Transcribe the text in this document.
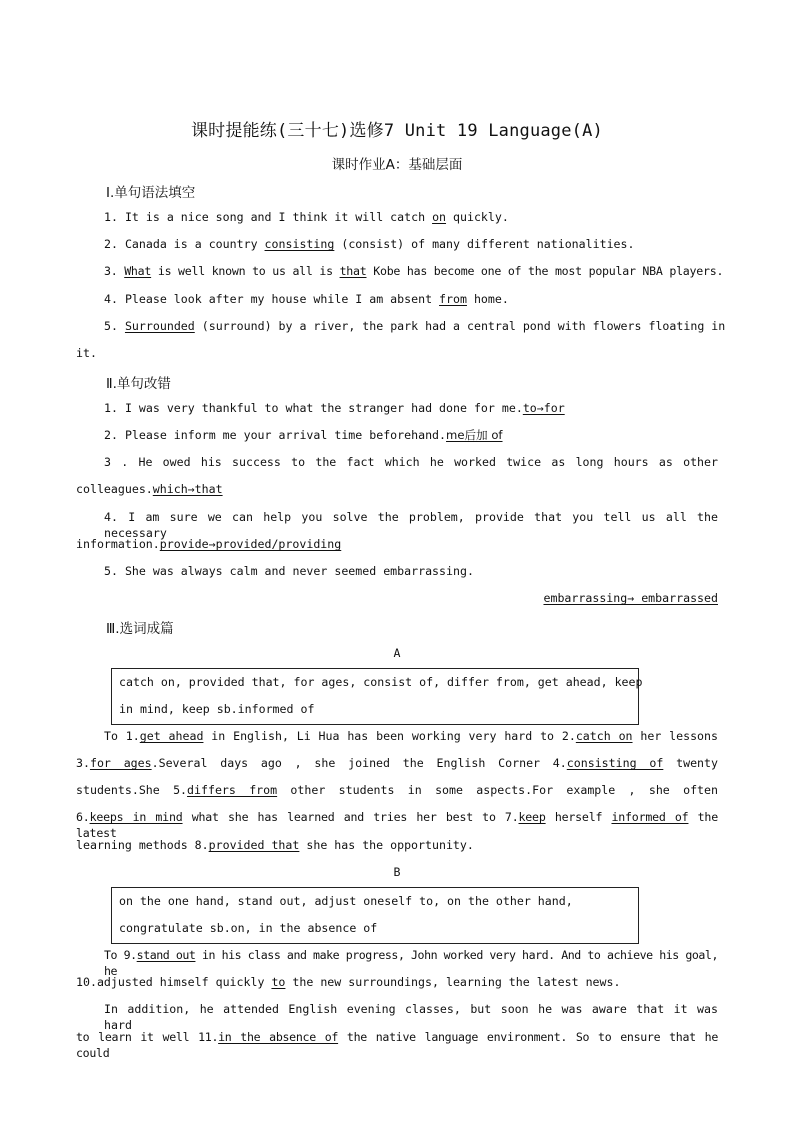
课时提能练(三十七)选修7 Unit 19 Language(A)
课时作业A：基础层面
Ⅰ.单句语法填空
1. It is a nice song and I think it will catch on quickly.
2. Canada is a country consisting (consist) of many different nationalities.
3. What is well known to us all is that Kobe has become one of the most popular NBA players.
4. Please look after my house while I am absent from home.
5. Surrounded (surround) by a river, the park had a central pond with flowers floating in
it.
Ⅱ.单句改错
1. I was very thankful to what the stranger had done for me.to→for
2. Please inform me your arrival time beforehand.me后加 of
3 . He owed his success to the fact which he worked twice as long hours as other
colleagues.which→that
4. I am sure we can help you solve the problem, provide that you tell us all the necessary
information.provide→provided/providing
5. She was always calm and never seemed embarrassing.
embarrassing→ embarrassed
Ⅲ.选词成篇
A
catch on, provided that, for ages, consist of, differ from, get ahead, keep
in mind, keep sb.informed of
To 1.get ahead in English, Li Hua has been working very hard to 2.catch on her lessons
3.for ages.Several days ago , she joined the English Corner 4.consisting of twenty
students.She 5.differs from other students in some aspects.For example , she often
6.keeps in mind what she has learned and tries her best to 7.keep herself informed of the latest
learning methods 8.provided that she has the opportunity.
B
on the one hand, stand out, adjust oneself to, on the other hand,
congratulate sb.on, in the absence of
To 9.stand out in his class and make progress, John worked very hard. And to achieve his goal, he
10.adjusted himself quickly to the new surroundings, learning the latest news.
In addition, he attended English evening classes, but soon he was aware that it was hard
to learn it well 11.in the absence of the native language environment. So to ensure that he could
